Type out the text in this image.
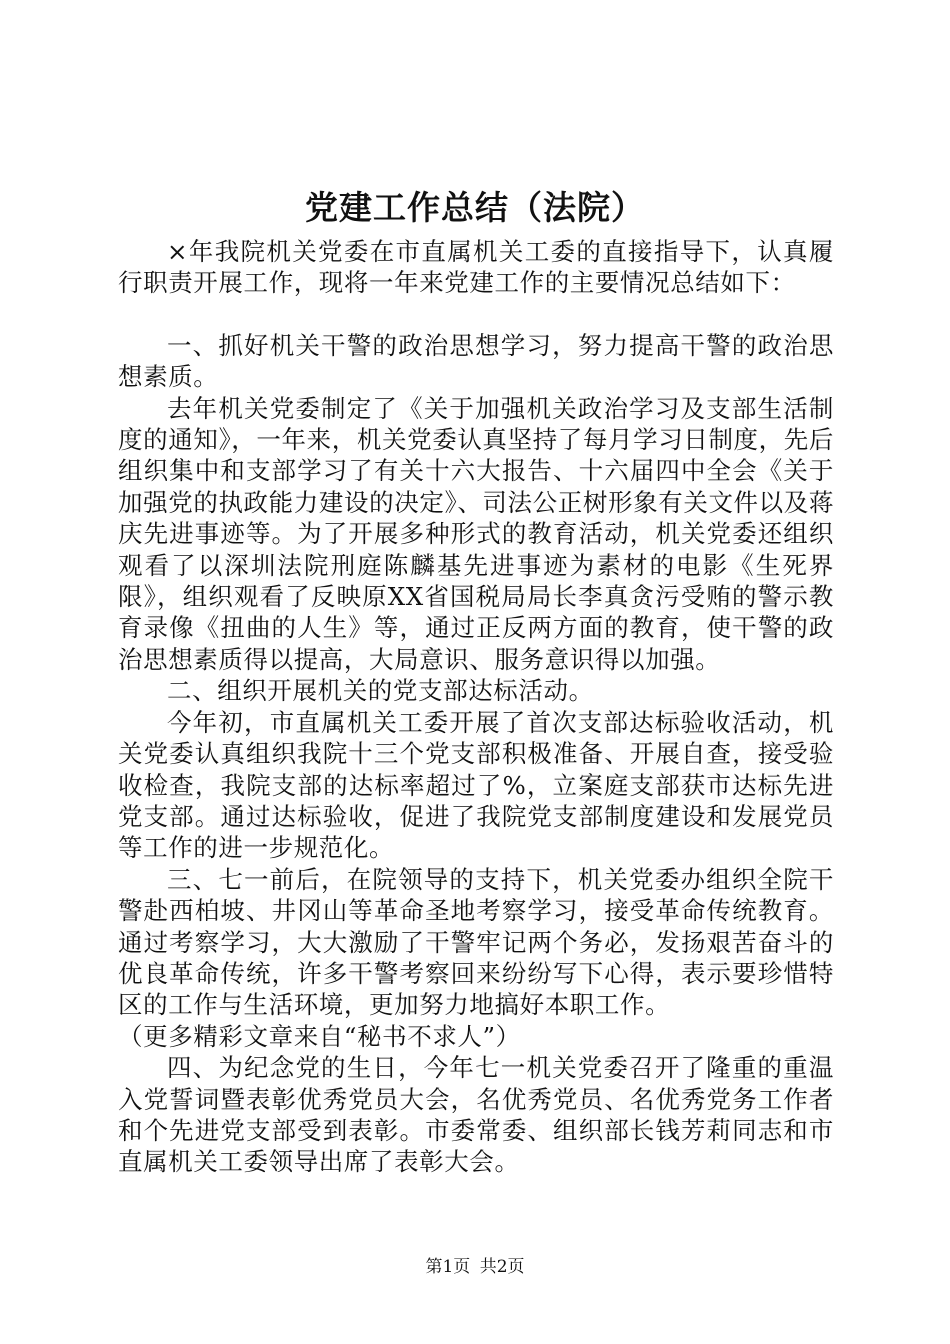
党建工作总结（法院）

×年我院机关党委在市直属机关工委的直接指导下，认真履行职责开展工作，现将一年来党建工作的主要情况总结如下：

一、抓好机关干警的政治思想学习，努力提高干警的政治思想素质。

去年机关党委制定了《关于加强机关政治学习及支部生活制度的通知》，一年来，机关党委认真坚持了每月学习日制度，先后组织集中和支部学习了有关十六大报告、十六届四中全会《关于加强党的执政能力建设的决定》、司法公正树形象有关文件以及蒋庆先进事迹等。为了开展多种形式的教育活动，机关党委还组织观看了以深圳法院刑庭陈麟基先进事迹为素材的电影《生死界限》，组织观看了反映原XX省国税局局长李真贪污受贿的警示教育录像《扭曲的人生》等，通过正反两方面的教育，使干警的政治思想素质得以提高，大局意识、服务意识得以加强。

二、组织开展机关的党支部达标活动。

今年初，市直属机关工委开展了首次支部达标验收活动，机关党委认真组织我院十三个党支部积极准备、开展自查，接受验收检查，我院支部的达标率超过了%，立案庭支部获市达标先进党支部。通过达标验收，促进了我院党支部制度建设和发展党员等工作的进一步规范化。

三、七一前后，在院领导的支持下，机关党委办组织全院干警赴西柏坡、井冈山等革命圣地考察学习，接受革命传统教育。通过考察学习，大大激励了干警牢记两个务必，发扬艰苦奋斗的优良革命传统，许多干警考察回来纷纷写下心得，表示要珍惜特区的工作与生活环境，更加努力地搞好本职工作。

（更多精彩文章来自“秘书不求人”）

四、为纪念党的生日，今年七一机关党委召开了隆重的重温入党誓词暨表彰优秀党员大会，名优秀党员、名优秀党务工作者和个先进党支部受到表彰。市委常委、组织部长钱芳莉同志和市直属机关工委领导出席了表彰大会。

第1页 共2页
